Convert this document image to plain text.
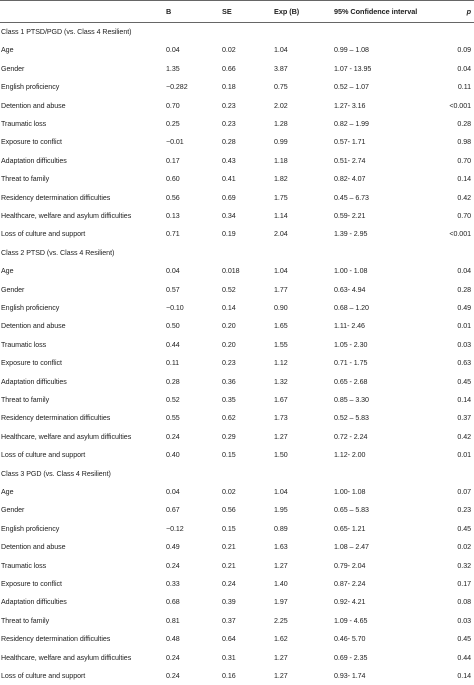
B	SE	Exp (B)	95% Confidence interval	p
Class 1 PTSD/PGD (vs. Class 4 Resilient)
Age	0.04	0.02	1.04	0.99 – 1.08	0.09
Gender	1.35	0.66	3.87	1.07 - 13.95	0.04
English proficiency	−0.282	0.18	0.75	0.52 – 1.07	0.11
Detention and abuse	0.70	0.23	2.02	1.27- 3.16	<0.001
Traumatic loss	0.25	0.23	1.28	0.82 – 1.99	0.28
Exposure to conflict	−0.01	0.28	0.99	0.57- 1.71	0.98
Adaptation difficulties	0.17	0.43	1.18	0.51- 2.74	0.70
Threat to family	0.60	0.41	1.82	0.82- 4.07	0.14
Residency determination difficulties	0.56	0.69	1.75	0.45 – 6.73	0.42
Healthcare, welfare and asylum difficulties	0.13	0.34	1.14	0.59- 2.21	0.70
Loss of culture and support	0.71	0.19	2.04	1.39 - 2.95	<0.001
Class 2 PTSD (vs. Class 4 Resilient)
Age	0.04	0.018	1.04	1.00 - 1.08	0.04
Gender	0.57	0.52	1.77	0.63- 4.94	0.28
English proficiency	−0.10	0.14	0.90	0.68 – 1.20	0.49
Detention and abuse	0.50	0.20	1.65	1.11- 2.46	0.01
Traumatic loss	0.44	0.20	1.55	1.05 - 2.30	0.03
Exposure to conflict	0.11	0.23	1.12	0.71 - 1.75	0.63
Adaptation difficulties	0.28	0.36	1.32	0.65 - 2.68	0.45
Threat to family	0.52	0.35	1.67	0.85 – 3.30	0.14
Residency determination difficulties	0.55	0.62	1.73	0.52 – 5.83	0.37
Healthcare, welfare and asylum difficulties	0.24	0.29	1.27	0.72 - 2.24	0.42
Loss of culture and support	0.40	0.15	1.50	1.12- 2.00	0.01
Class 3 PGD (vs. Class 4 Resilient)
Age	0.04	0.02	1.04	1.00- 1.08	0.07
Gender	0.67	0.56	1.95	0.65 – 5.83	0.23
English proficiency	−0.12	0.15	0.89	0.65- 1.21	0.45
Detention and abuse	0.49	0.21	1.63	1.08 – 2.47	0.02
Traumatic loss	0.24	0.21	1.27	0.79- 2.04	0.32
Exposure to conflict	0.33	0.24	1.40	0.87- 2.24	0.17
Adaptation difficulties	0.68	0.39	1.97	0.92- 4.21	0.08
Threat to family	0.81	0.37	2.25	1.09 - 4.65	0.03
Residency determination difficulties	0.48	0.64	1.62	0.46- 5.70	0.45
Healthcare, welfare and asylum difficulties	0.24	0.31	1.27	0.69 - 2.35	0.44
Loss of culture and support	0.24	0.16	1.27	0.93- 1.74	0.14
